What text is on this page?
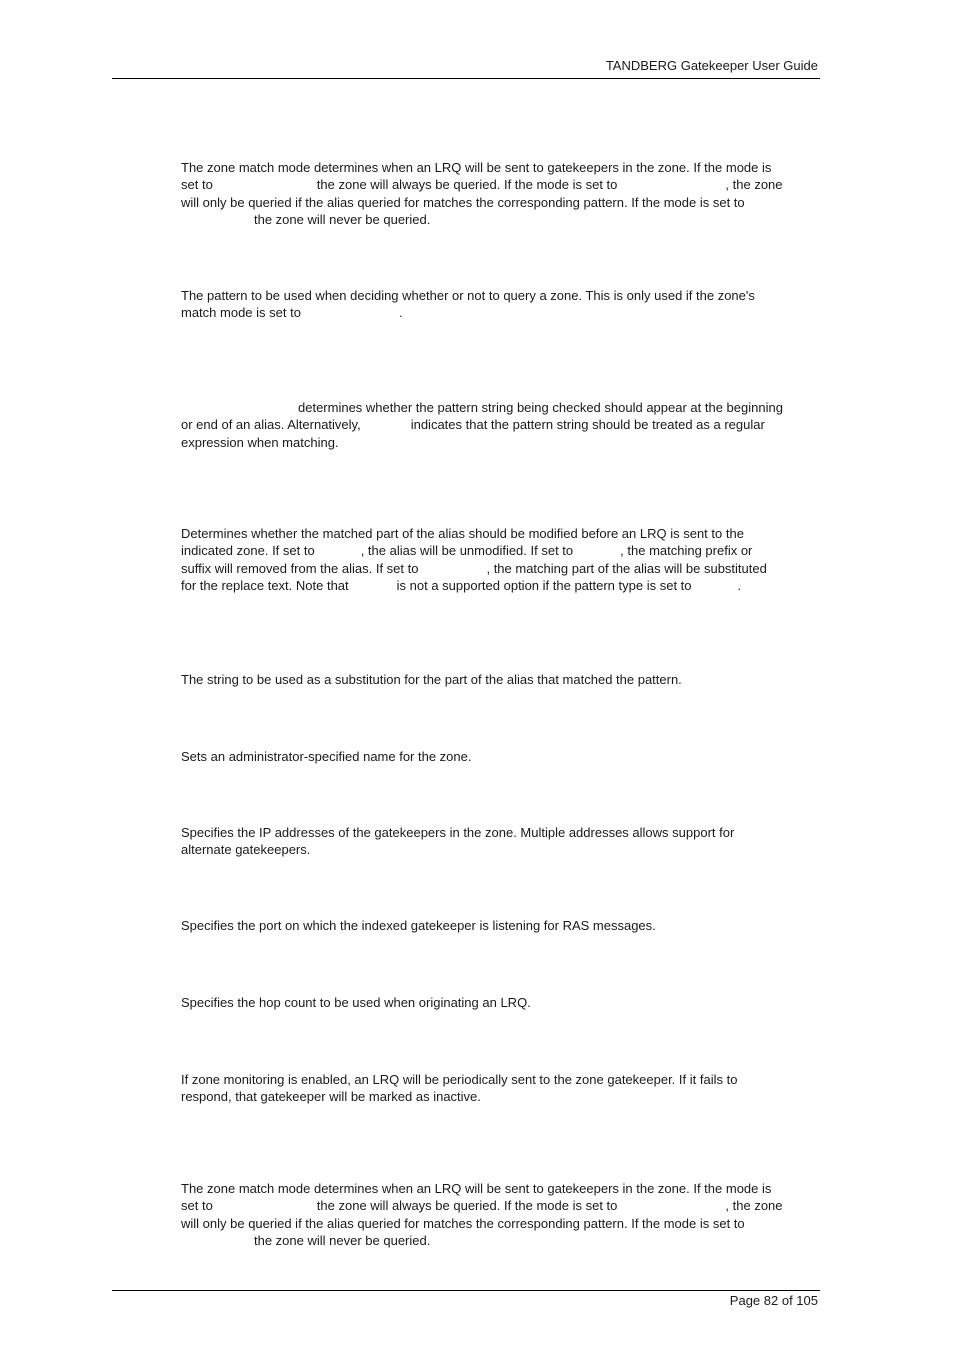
TANDBERG Gatekeeper User Guide
The zone match mode determines when an LRQ will be sent to gatekeepers in the zone. If the mode is
set to	the zone will always be queried. If the mode is set to	, the zone
will only be queried if the alias queried for matches the corresponding pattern. If the mode is set to
the zone will never be queried.
The pattern to be used when deciding whether or not to query a zone. This is only used if the zone's
match mode is set to	.
determines whether the pattern string being checked should appear at the beginning
or end of an alias. Alternatively,	indicates that the pattern string should be treated as a regular
expression when matching.
Determines whether the matched part of the alias should be modified before an LRQ is sent to the
indicated zone. If set to	, the alias will be unmodified. If set to	, the matching prefix or
suffix will removed from the alias. If set to	, the matching part of the alias will be substituted
for the replace text. Note that	is not a supported option if the pattern type is set to	.
The string to be used as a substitution for the part of the alias that matched the pattern.
Sets an administrator-specified name for the zone.
Specifies the IP addresses of the gatekeepers in the zone. Multiple addresses allows support for
alternate gatekeepers.
Specifies the port on which the indexed gatekeeper is listening for RAS messages.
Specifies the hop count to be used when originating an LRQ.
If zone monitoring is enabled, an LRQ will be periodically sent to the zone gatekeeper. If it fails to
respond, that gatekeeper will be marked as inactive.
The zone match mode determines when an LRQ will be sent to gatekeepers in the zone. If the mode is
set to	the zone will always be queried. If the mode is set to	, the zone
will only be queried if the alias queried for matches the corresponding pattern. If the mode is set to
the zone will never be queried.
Page 82 of 105
